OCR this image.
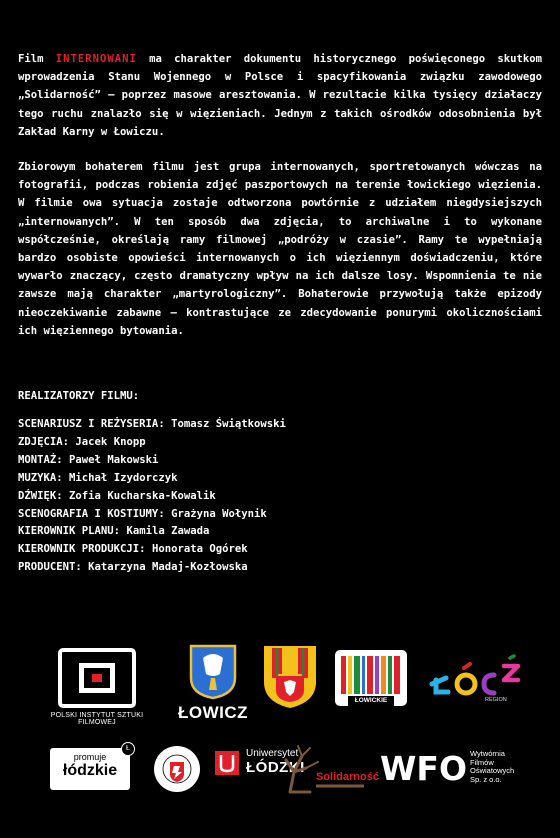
Film INTERNOWANI ma charakter dokumentu historycznego poświęconego skutkom wprowadzenia Stanu Wojennego w Polsce i spacyfikowania związku zawodowego „Solidarność” – poprzez masowe aresztowania. W rezultacie kilka tysięcy działaczy tego ruchu znalazło się w więzieniach. Jednym z takich ośrodków odosobnienia był Zakład Karny w Łowiczu.
Zbiorowym bohaterem filmu jest grupa internowanych, sportretowanych wówczas na fotografii, podczas robienia zdjęć paszportowych na terenie łowickiego więzienia. W filmie owa sytuacja zostaje odtworzona powtórnie z udziałem niegdysiejszych „internowanych”. W ten sposób dwa zdjęcia, to archiwalne i to wykonane współcześnie, określają ramy filmowej „podróży w czasie”. Ramy te wypełniają bardzo osobiste opowieści internowanych o ich więziennym doświadczeniu, które wywarło znaczący, często dramatyczny wpływ na ich dalsze losy. Wspomnienia te nie zawsze mają charakter „martyrologiczny”. Bohaterowie przywołują także epizody nieoczekiwanie zabawne – kontrastujące ze zdecydowanie ponurymi okolicznościami ich więziennego bytowania.
REALIZATORZY FILMU:
SCENARIUSZ I REŻYSERIA: Tomasz Świątkowski
ZDJĘCIA: Jacek Knopp
MONTAŻ: Paweł Makowski
MUZYKA: Michał Izydorczyk
DŹWIĘK: Zofia Kucharska-Kowalik
SCENOGRAFIA I KOSTIUMY: Grażyna Wołynik
KIEROWNIK PLANU: Kamila Zawada
KIEROWNIK PRODUKCJI: Honorata Ogórek
PRODUCENT: Katarzyna Madaj-Kozłowska
POLSKI INSTYTUT SZTUKI FILMOWEJ
ŁOWICZ
ŁOWICKIE	REGION
promuje
łódzkie
Ł	Uniwersytet
ŁÓDZKI
Solidarność WFO Wytwórnia
Filmów
Oświatowych
Sp. z o.o.
